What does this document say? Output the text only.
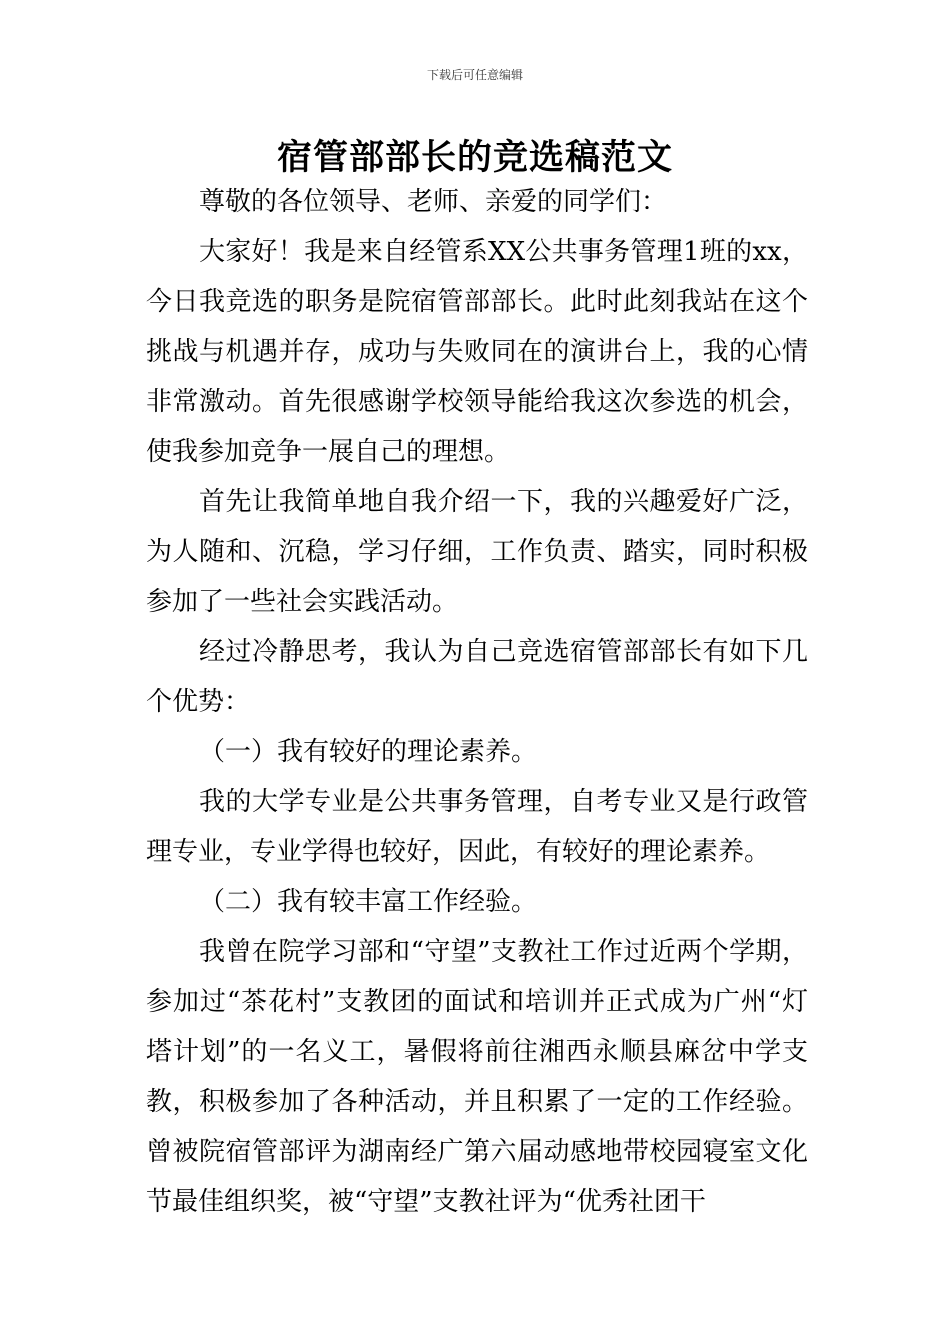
下载后可任意编辑
宿管部部长的竞选稿范文

尊敬的各位领导、老师、亲爱的同学们：

大家好！我是来自经管系XX公共事务管理1班的xx，今日我竞选的职务是院宿管部部长。此时此刻我站在这个挑战与机遇并存，成功与失败同在的演讲台上，我的心情非常激动。首先很感谢学校领导能给我这次参选的机会，使我参加竞争一展自己的理想。

首先让我简单地自我介绍一下，我的兴趣爱好广泛，为人随和、沉稳，学习仔细，工作负责、踏实，同时积极参加了一些社会实践活动。

经过冷静思考，我认为自己竞选宿管部部长有如下几个优势：

（一）我有较好的理论素养。

我的大学专业是公共事务管理，自考专业又是行政管理专业，专业学得也较好，因此，有较好的理论素养。

（二）我有较丰富工作经验。

我曾在院学习部和“守望”支教社工作过近两个学期，参加过“茶花村”支教团的面试和培训并正式成为广州“灯塔计划”的一名义工，暑假将前往湘西永顺县麻岔中学支教，积极参加了各种活动，并且积累了一定的工作经验。曾被院宿管部评为湖南经广第六届动感地带校园寝室文化节最佳组织奖，被“守望”支教社评为“优秀社团干
